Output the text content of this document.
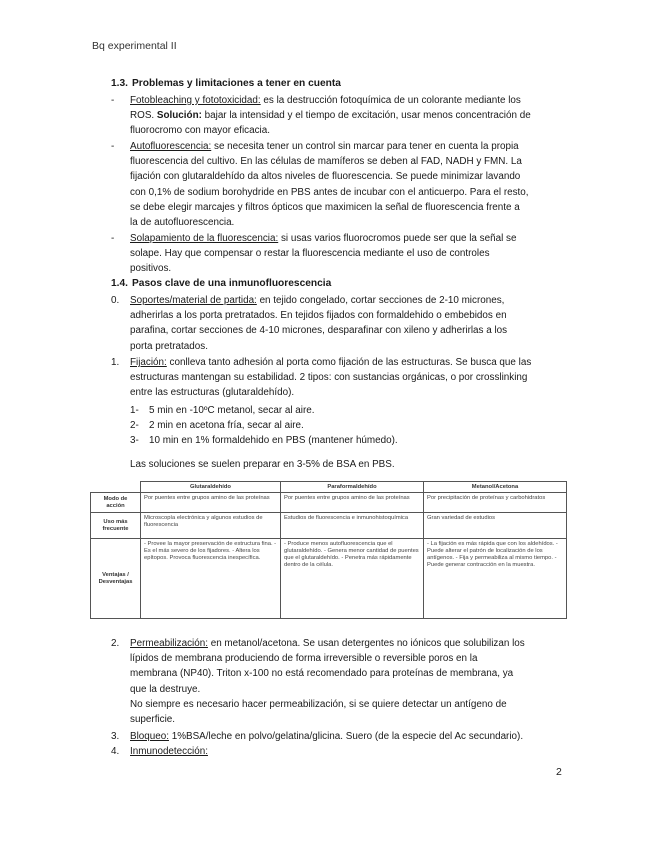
Bq experimental II
1.3. Problemas y limitaciones a tener en cuenta
- Fotobleaching y fototoxicidad: es la destrucción fotoquímica de un colorante mediante los
ROS. Solución: bajar la intensidad y el tiempo de excitación, usar menos concentración de
fluorocromo con mayor eficacia.
- Autofluorescencia: se necesita tener un control sin marcar para tener en cuenta la propia
fluorescencia del cultivo. En las células de mamíferos se deben al FAD, NADH y FMN. La
fijación con glutaraldehído da altos niveles de fluorescencia. Se puede minimizar lavando
con 0,1% de sodium borohydride en PBS antes de incubar con el anticuerpo. Para el resto,
se debe elegir marcajes y filtros ópticos que maximicen la señal de fluorescencia frente a
la de autofluorescencia.
- Solapamiento de la fluorescencia: si usas varios fluorocromos puede ser que la señal se
solape. Hay que compensar o restar la fluorescencia mediante el uso de controles
positivos.
1.4. Pasos clave de una inmunofluorescencia
0. Soportes/material de partida: en tejido congelado, cortar secciones de 2-10 micrones,
adherirlas a los porta pretratados. En tejidos fijados con formaldehido o embebidos en
parafina, cortar secciones de 4-10 micrones, desparafinar con xileno y adherirlas a los
porta pretratados.
1. Fijación: conlleva tanto adhesión al porta como fijación de las estructuras. Se busca que las
estructuras mantengan su estabilidad. 2 tipos: con sustancias orgánicas, o por crosslinking
entre las estructuras (glutaraldehído).
1- 5 min en -10ºC metanol, secar al aire.
2- 2 min en acetona fría, secar al aire.
3- 10 min en 1% formaldehido en PBS (mantener húmedo).
Las soluciones se suelen preparar en 3-5% de BSA en PBS.
	Glutaraldehído	Paraformaldehído	Metanol/Acetona
Modo de acción	Por puentes entre grupos amino de las proteínas	Por puentes entre grupos amino de las proteínas	Por precipitación de proteínas y carbohidratos
Uso más frecuente	Microscopía electrónica y algunos estudios de fluorescencia	Estudios de fluorescencia e inmunohistoquímica	Gran variedad de estudios
Ventajas / Desventajas	- Provee la mayor preservación de estructura fina. - Es el más severo de los fijadores. - Altera los epítopos. Provoca fluorescencia inespecífica.	- Produce menos autofluorescencia que el glutaraldehído. - Genera menor cantidad de puentes que el glutaraldehído. - Penetra más rápidamente dentro de la célula.	- La fijación es más rápida que con los aldehídos. - Puede alterar el patrón de localización de los antígenos. - Fija y permeabiliza al mismo tiempo. - Puede generar contracción en la muestra.
2. Permeabilización: en metanol/acetona. Se usan detergentes no iónicos que solubilizan los
lípidos de membrana produciendo de forma irreversible o reversible poros en la
membrana (NP40). Triton x-100 no está recomendado para proteínas de membrana, ya
que la destruye.
No siempre es necesario hacer permeabilización, si se quiere detectar un antígeno de
superficie.
3. Bloqueo: 1%BSA/leche en polvo/gelatina/glicina. Suero (de la especie del Ac secundario).
4. Inmunodetección:
2
